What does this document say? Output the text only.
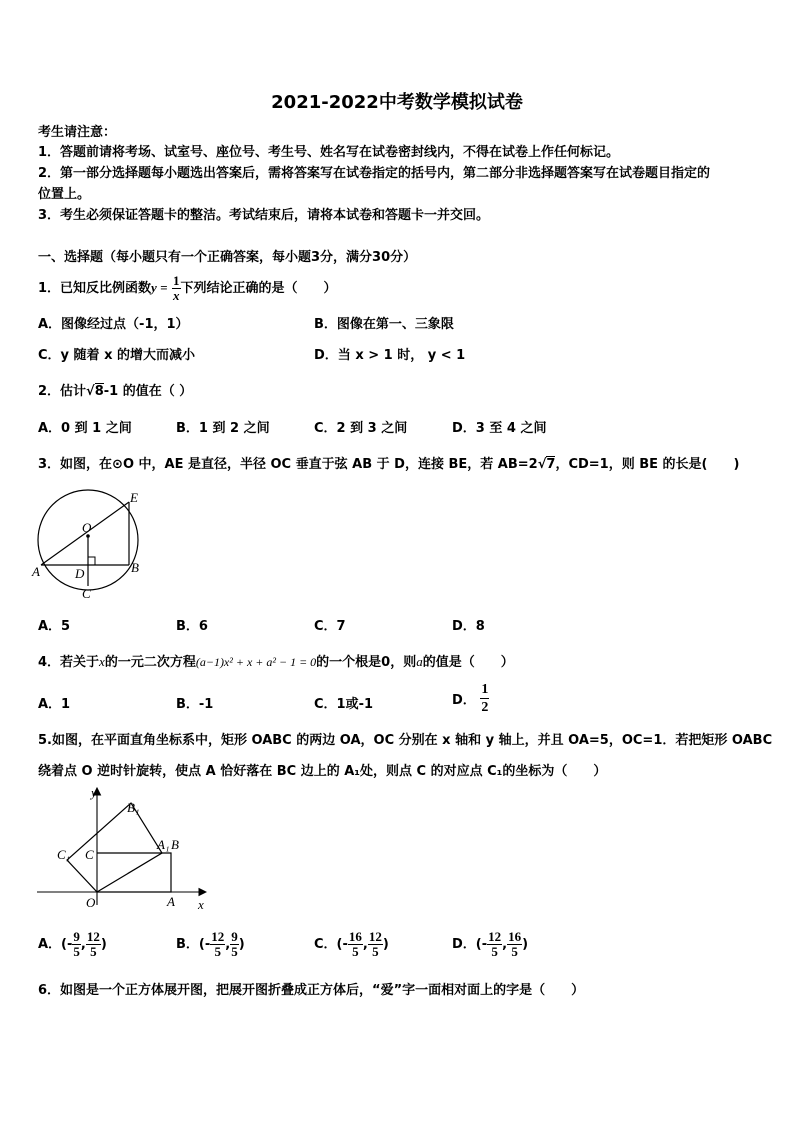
2021-2022中考数学模拟试卷
考生请注意：
1．答题前请将考场、试室号、座位号、考生号、姓名写在试卷密封线内，不得在试卷上作任何标记。
2．第一部分选择题每小题选出答案后，需将答案写在试卷指定的括号内，第二部分非选择题答案写在试卷题目指定的
位置上。
3．考生必须保证答题卡的整洁。考试结束后，请将本试卷和答题卡一并交回。
一、选择题（每小题只有一个正确答案，每小题3分，满分30分）
1．已知反比例函数$y = \frac{1}{x}$ 下列结论正确的是（　　）
A．图像经过点（-1，1）	B．图像在第一、三象限
C．y 随着 x 的增大而减小	D．当 x > 1 时， y < 1
2．估计√8-1 的值在（ ）
A．0 到 1 之间	B．1 到 2 之间	C．2 到 3 之间	D．3 至 4 之间
3．如图，在⊙O 中，AE 是直径，半径 OC 垂直于弦 AB 于 D，连接 BE，若 AB=2√7，CD=1，则 BE 的长是(　　)
O
E
A	D	B
C
A．5	B．6	C．7	D．8
4．若关于x的一元二次方程(a−1)x² + x + a² − 1 = 0的一个根是0，则a的值是（　　）
A．1	B．-1	C．1或-1	D． $\frac{1}{2}$
5.如图，在平面直角坐标系中，矩形 OABC 的两边 OA，OC 分别在 x 轴和 y 轴上，并且 OA=5，OC=1．若把矩形 OABC
绕着点 O 逆时针旋转，使点 A 恰好落在 BC 边上的 A₁处，则点 C 的对应点 C₁的坐标为（　　）
y
x
O	A
B
C
A₁
B₁
C₁
A．(- $\frac{9}{5}$ , $\frac{12}{5}$ )	B．(- $\frac{12}{5}$ , $\frac{9}{5}$ )	C．(- $\frac{16}{5}$ , $\frac{12}{5}$ )	D．(- $\frac{12}{5}$ , $\frac{16}{5}$ )
6．如图是一个正方体展开图，把展开图折叠成正方体后，“爱”字一面相对面上的字是（　　）
